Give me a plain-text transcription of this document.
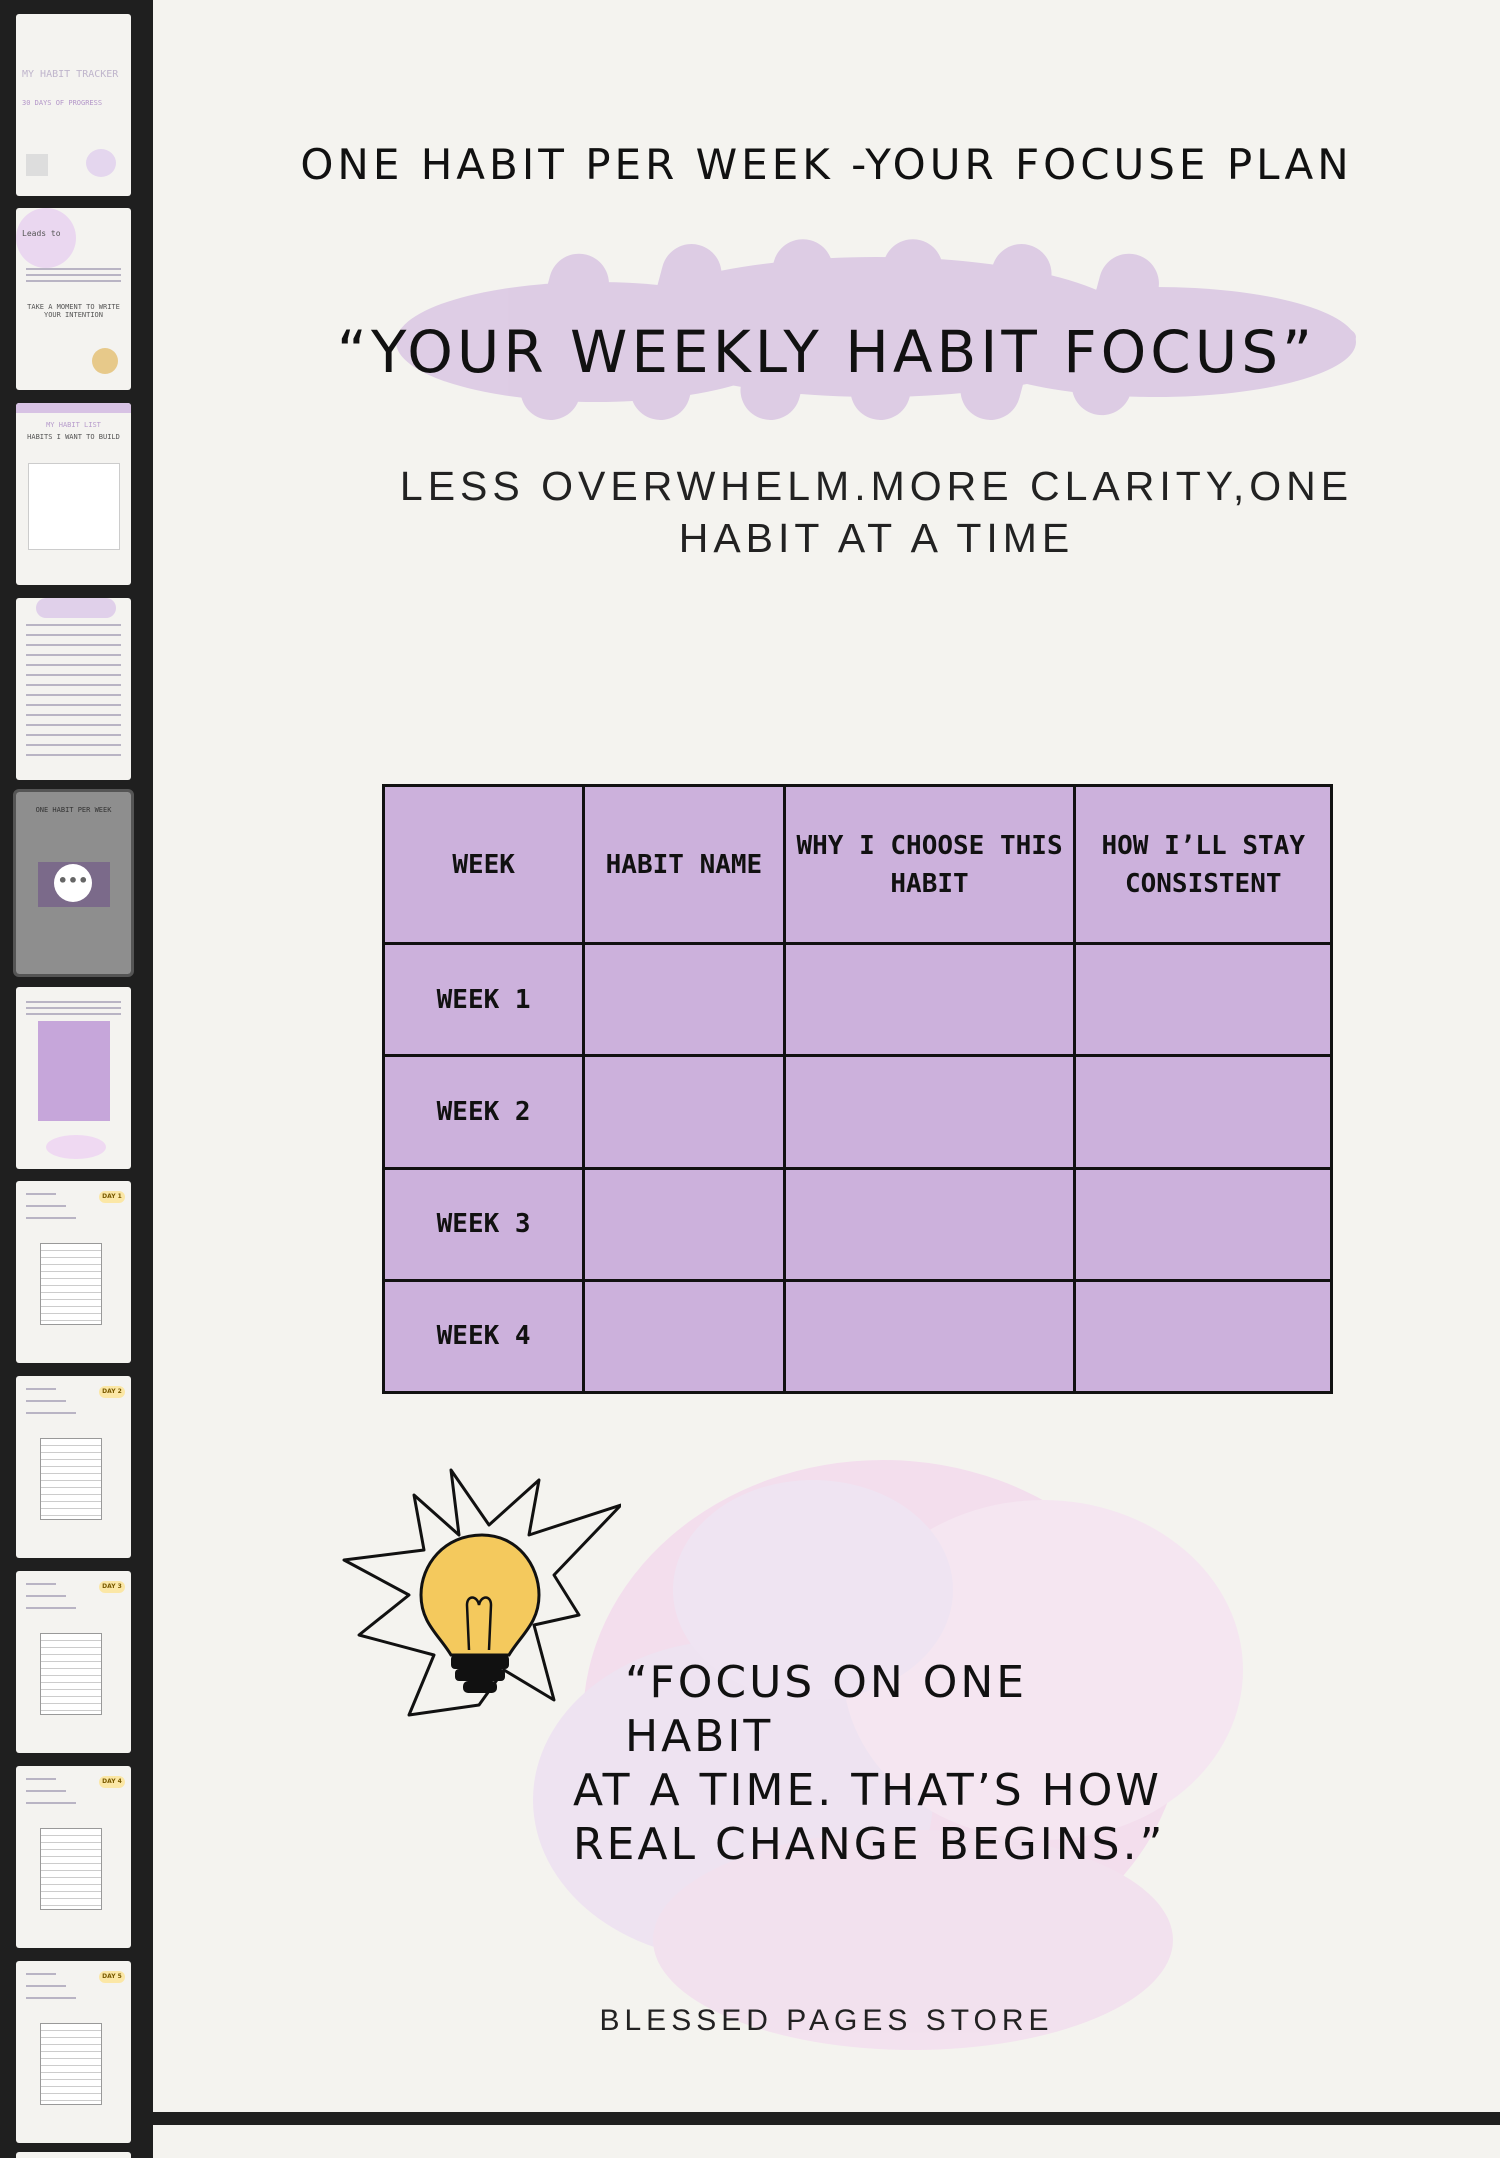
MY HABIT TRACKER
30 DAYS OF PROGRESS
Leads to
TAKE A MOMENT TO WRITE YOUR INTENTION
MY HABIT LIST
HABITS I WANT TO BUILD
ONE HABIT PER WEEK
•••
DAY 1
DAY 2
DAY 3
DAY 4
DAY 5
ONE HABIT PER WEEK -YOUR FOCUSE PLAN
“YOUR WEEKLY HABIT FOCUS”
LESS OVERWHELM.MORE CLARITY,ONE
HABIT AT A TIME
WEEK	HABIT NAME	WHY I CHOOSE THIS HABIT	HOW I’LL STAY CONSISTENT
WEEK 1			
WEEK 2			
WEEK 3			
WEEK 4			
“FOCUS ON ONE HABIT
AT A TIME. THAT’S HOW
REAL CHANGE BEGINS.”
BLESSED PAGES STORE
